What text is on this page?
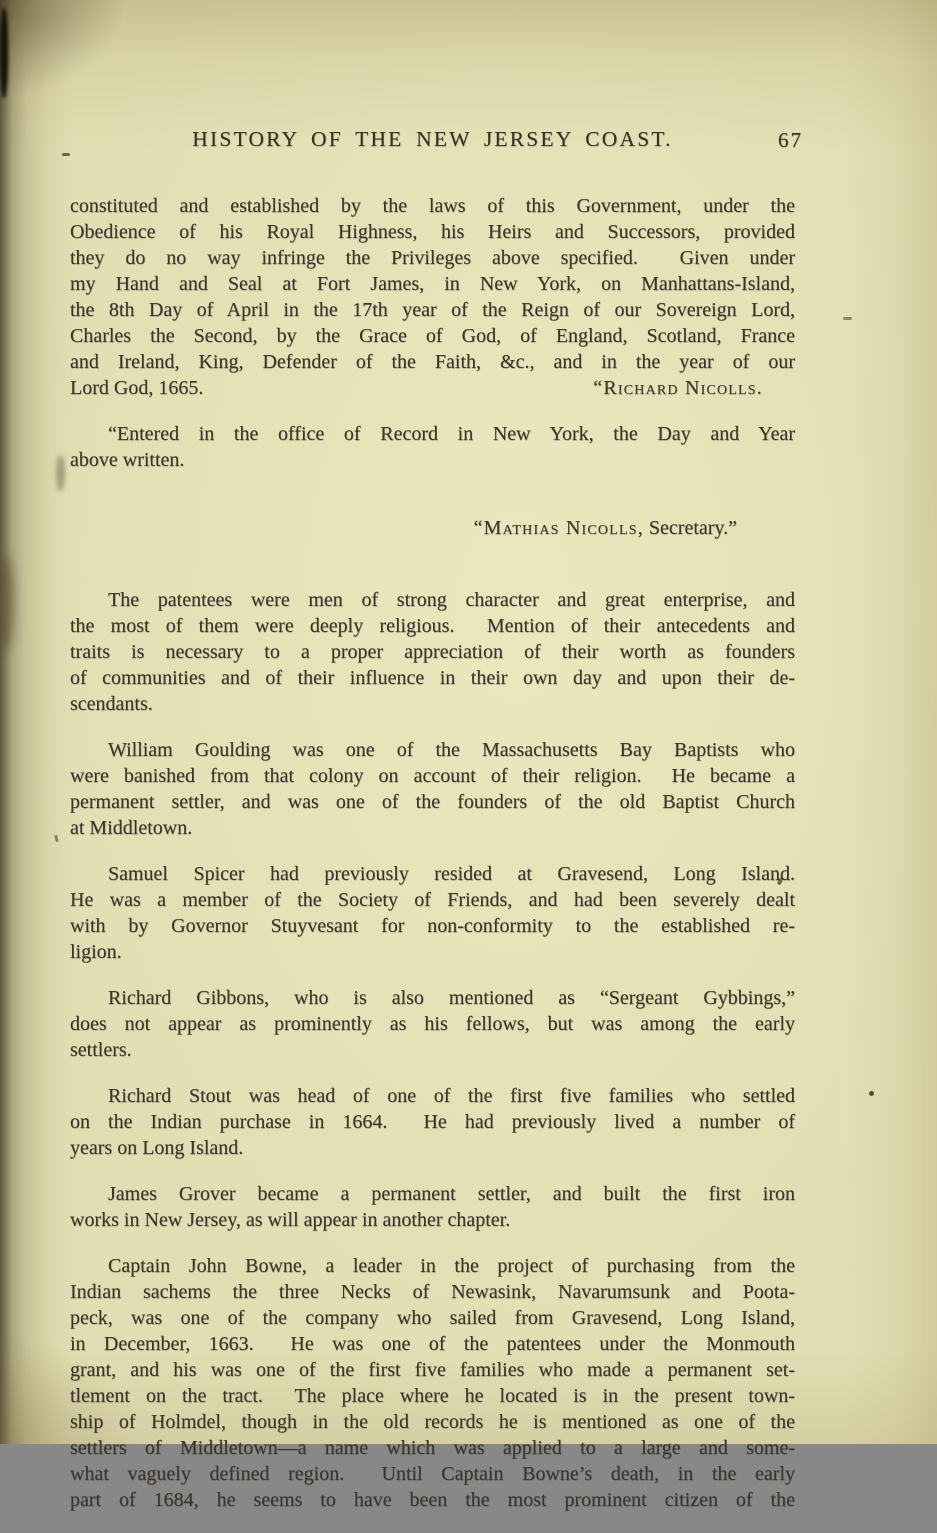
HISTORY OF THE NEW JERSEY COAST.	67

constituted and established by the laws of this Government, under the
Obedience of his Royal Highness, his Heirs and Successors, provided
they do no way infringe the Privileges above specified.  Given under
my Hand and Seal at Fort James, in New York, on Manhattans-Island,
the 8th Day of April in the 17th year of the Reign of our Sovereign Lord,
Charles the Second, by the Grace of God, of England, Scotland, France
and Ireland, King, Defender of the Faith, &c., and in the year of our
Lord God, 1665.	“Richard Nicolls.

“Entered in the office of Record in New York, the Day and Year
above written.

“Mathias Nicolls, Secretary.”

The patentees were men of strong character and great enterprise, and
the most of them were deeply religious.  Mention of their antecedents and
traits is necessary to a proper appreciation of their worth as founders
of communities and of their influence in their own day and upon their de-
scendants.

William Goulding was one of the Massachusetts Bay Baptists who
were banished from that colony on account of their religion.  He became a
permanent settler, and was one of the founders of the old Baptist Church
at Middletown.

Samuel Spicer had previously resided at Gravesend, Long Island.
He was a member of the Society of Friends, and had been severely dealt
with by Governor Stuyvesant for non-conformity to the established re-
ligion.

Richard Gibbons, who is also mentioned as “Sergeant Gybbings,”
does not appear as prominently as his fellows, but was among the early
settlers.

Richard Stout was head of one of the first five families who settled
on the Indian purchase in 1664.  He had previously lived a number of
years on Long Island.

James Grover became a permanent settler, and built the first iron
works in New Jersey, as will appear in another chapter.

Captain John Bowne, a leader in the project of purchasing from the
Indian sachems the three Necks of Newasink, Navarumsunk and Poota-
peck, was one of the company who sailed from Gravesend, Long Island,
in December, 1663.  He was one of the patentees under the Monmouth
grant, and his was one of the first five families who made a permanent set-
tlement on the tract.  The place where he located is in the present town-
ship of Holmdel, though in the old records he is mentioned as one of the
settlers of Middletown—a name which was applied to a large and some-
what vaguely defined region.  Until Captain Bowne’s death, in the early
part of 1684, he seems to have been the most prominent citizen of the
